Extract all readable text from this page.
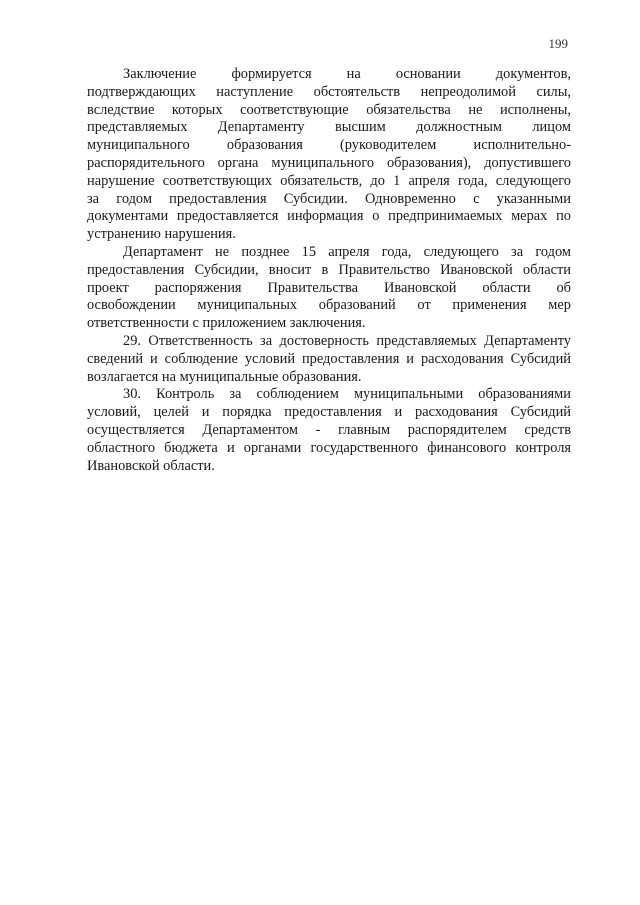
199
Заключение формируется на основании документов,
подтверждающих наступление обстоятельств непреодолимой силы,
вследствие которых соответствующие обязательства не исполнены,
представляемых Департаменту высшим должностным лицом
муниципального образования (руководителем исполнительно-
распорядительного органа муниципального образования), допустившего
нарушение соответствующих обязательств, до 1 апреля года, следующего
за годом предоставления Субсидии. Одновременно с указанными
документами предоставляется информация о предпринимаемых мерах по
устранению нарушения.
Департамент не позднее 15 апреля года, следующего за годом
предоставления Субсидии, вносит в Правительство Ивановской области
проект распоряжения Правительства Ивановской области об
освобождении муниципальных образований от применения мер
ответственности с приложением заключения.
29. Ответственность за достоверность представляемых Департаменту
сведений и соблюдение условий предоставления и расходования Субсидий
возлагается на муниципальные образования.
30. Контроль за соблюдением муниципальными образованиями
условий, целей и порядка предоставления и расходования Субсидий
осуществляется Департаментом - главным распорядителем средств
областного бюджета и органами государственного финансового контроля
Ивановской области.
